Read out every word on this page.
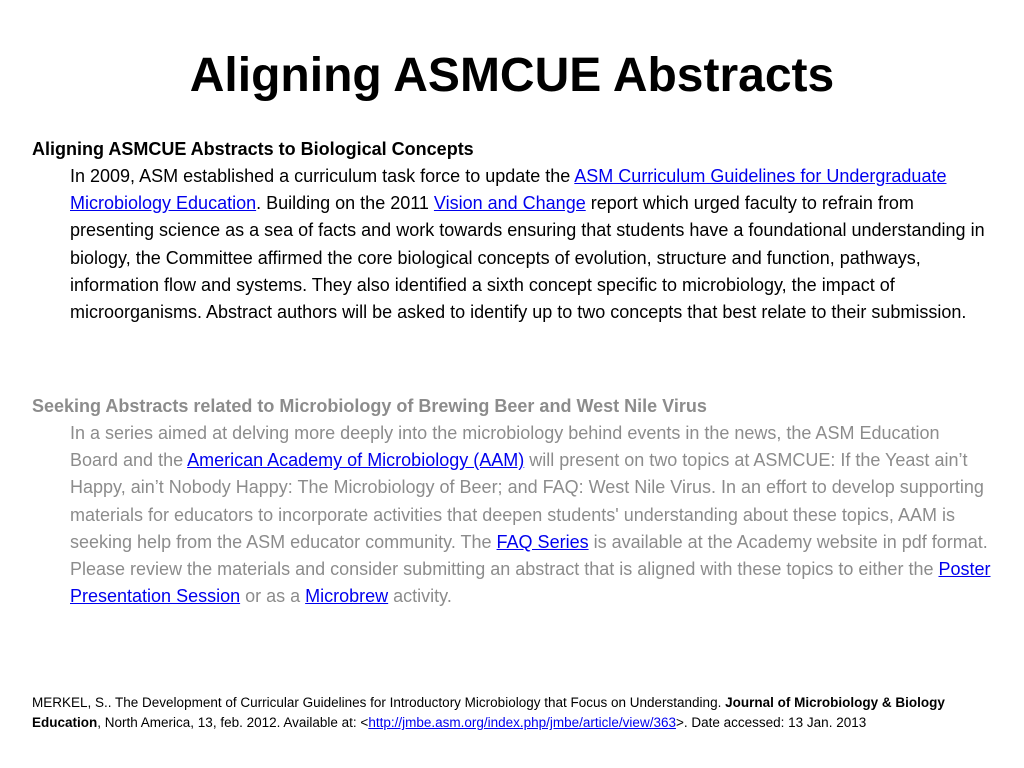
Aligning ASMCUE Abstracts

Aligning ASMCUE Abstracts to Biological Concepts

In 2009, ASM established a curriculum task force to update the ASM Curriculum Guidelines for Undergraduate Microbiology Education. Building on the 2011 Vision and Change report which urged faculty to refrain from presenting science as a sea of facts and work towards ensuring that students have a foundational understanding in biology, the Committee affirmed the core biological concepts of evolution, structure and function, pathways, information flow and systems. They also identified a sixth concept specific to microbiology, the impact of microorganisms. Abstract authors will be asked to identify up to two concepts that best relate to their submission.

Seeking Abstracts related to Microbiology of Brewing Beer and West Nile Virus

In a series aimed at delving more deeply into the microbiology behind events in the news, the ASM Education Board and the American Academy of Microbiology (AAM) will present on two topics at ASMCUE: If the Yeast ain’t Happy, ain’t Nobody Happy: The Microbiology of Beer; and FAQ: West Nile Virus. In an effort to develop supporting materials for educators to incorporate activities that deepen students' understanding about these topics, AAM is seeking help from the ASM educator community. The FAQ Series is available at the Academy website in pdf format. Please review the materials and consider submitting an abstract that is aligned with these topics to either the Poster Presentation Session or as a Microbrew activity.

MERKEL, S.. The Development of Curricular Guidelines for Introductory Microbiology that Focus on Understanding. Journal of Microbiology & Biology Education, North America, 13, feb. 2012. Available at: <http://jmbe.asm.org/index.php/jmbe/article/view/363>. Date accessed: 13 Jan. 2013
